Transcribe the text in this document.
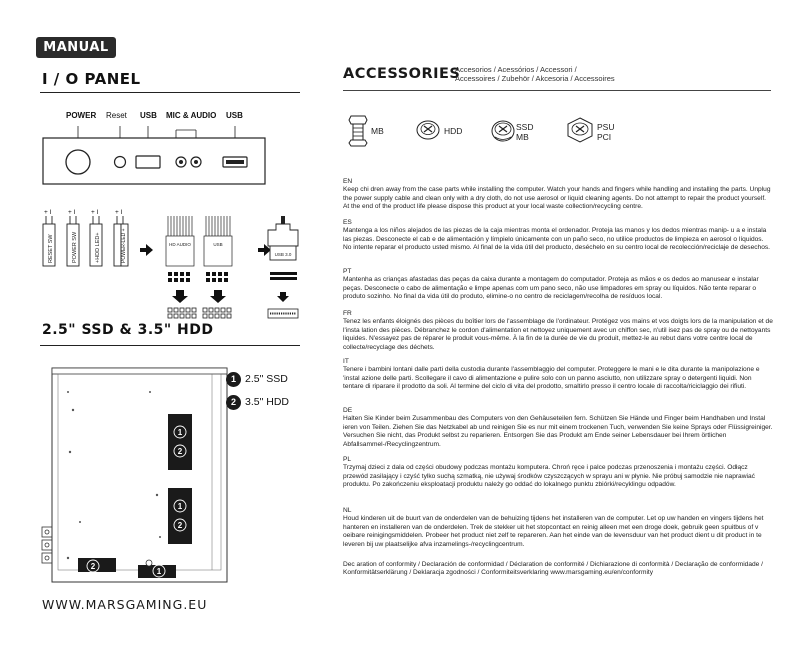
MANUAL
I / O PANEL
POWER Reset USB MIC & AUDIO USB
+ I	+ I + I	+ I
RESET SW	POWER SW	+HDD LED+	POWER-LED +	HD AUDIO	USB
USB 3.0
2.5" SSD & 3.5" HDD
1
2
1
2
2
1
1 2.5" SSD
2 3.5" HDD
WWW.MARSGAMING.EU
ACCESSORIES
Accesorios / Acessórios / Accessori /
Accessoires / Zubehör / Akcesoria / Accessoires
MB	HDD	SSD
MB
PSU
PCI
EN
Keep chi dren away from the case parts while installing the computer. Watch your hands and fingers while handling and installing the parts. Unplug the power supply cable and clean only with a dry cloth, do not use aerosol or liquid cleaning agents. Do not attempt to repair the product yourself. At the end of the product life please dispose this product at your local waste collection/recycling centre.
ES
Mantenga a los niños alejados de las piezas de la caja mientras monta el ordenador. Proteja las manos y los dedos mientras manip- u a e instala las piezas. Desconecte el cab e de alimentación y límpielo únicamente con un paño seco, no utilice productos de limpieza en aerosol o líquidos. No intente reparar el producto usted mismo. Al final de la vida útil del producto, deséchelo en su centro local de recolección/reciclaje de desechos.
PT
Mantenha as crianças afastadas das peças da caixa durante a montagem do computador. Proteja as mãos e os dedos ao manusear e instalar peças. Desconecte o cabo de alimentação e limpe apenas com um pano seco, não use limpadores em spray ou líquidos. Não tente reparar o produto sozinho. No final da vida útil do produto, elimine-o no centro de reciclagem/recolha de resíduos local.
FR
Tenez les enfants éloignés des pièces du boîtier lors de l'assemblage de l'ordinateur. Protégez vos mains et vos doigts lors de la manipulation et de l'insta lation des pièces. Débranchez le cordon d'alimentation et nettoyez uniquement avec un chiffon sec, n'util isez pas de spray ou de nettoyants liquides. N'essayez pas de réparer le produit vous-même. À la fin de la durée de vie du produit, mettez-le au rebut dans votre centre local de collecte/recyclage des déchets.
IT
Tenere i bambini lontani dalle parti della custodia durante l'assemblaggio del computer. Proteggere le mani e le dita durante la manipolazione e 'instal azione delle parti. Scollegare il cavo di alimentazione e pulire solo con un panno asciutto, non utilizzare spray o detergenti liquidi. Non tentare di riparare il prodotto da soli. Al termine del ciclo di vita del prodotto, smaltirlo presso il centro locale di raccolta/riciclaggio dei rifiuti.
DE
Halten Sie Kinder beim Zusammenbau des Computers von den Gehäuseteilen fern. Schützen Sie Hände und Finger beim Handhaben und Instal ieren von Teilen. Ziehen Sie das Netzkabel ab und reinigen Sie es nur mit einem trockenen Tuch, verwenden Sie keine Sprays oder Flüssigreiniger. Versuchen Sie nicht, das Produkt selbst zu reparieren. Entsorgen Sie das Produkt am Ende seiner Lebensdauer bei Ihrem örtlichen Abfallsammel-/Recyclingzentrum.
PL
Trzymaj dzieci z dala od części obudowy podczas montażu komputera. Chroń ręce i palce podczas przenoszenia i montażu części. Odłącz przewód zasilający i czyść tylko suchą szmatką, nie używaj środków czyszczących w sprayu ani w płynie. Nie próbuj samodzie nie naprawiać produktu. Po zakończeniu eksploatacji produktu należy go oddać do lokalnego punktu zbiórki/recyklingu odpadów.
NL
Houd kinderen uit de buurt van de onderdelen van de behuizing tijdens het installeren van de computer. Let op uw handen en vingers tijdens het hanteren en installeren van de onderdelen. Trek de stekker uit het stopcontact en reinig alleen met een droge doek, gebruik geen spuitbus of v oeibare reinigingsmiddelen. Probeer het product niet zelf te repareren. Aan het einde van de levensduur van het product dient u dit product in te leveren bij uw plaatselijke afva inzamelings-/recyclingcentrum.
Dec aration of conformity / Declaración de conformidad / Déclaration de conformité / Dichiarazione di conformità / Declaração de conformidade / Konformitätserklärung / Deklaracja zgodności / Conformiteitsverklaring www.marsgaming.eu/en/conformity
